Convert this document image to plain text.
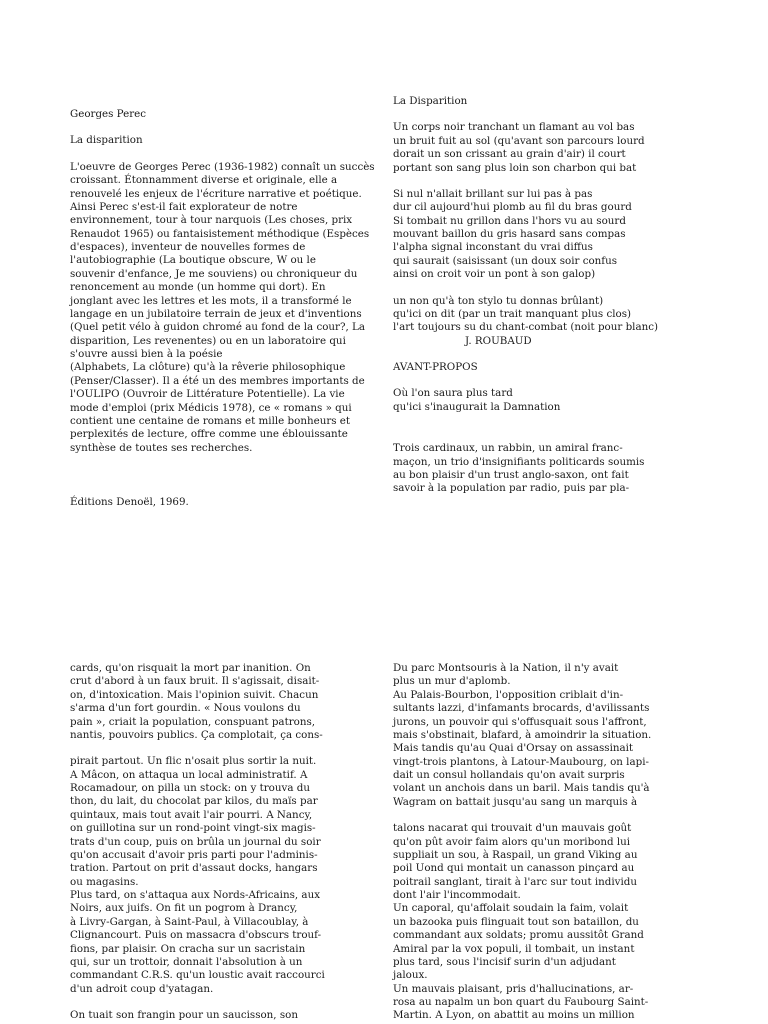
Georges Perec

La disparition

L'oeuvre de Georges Perec (1936-1982) connaît un succès
croissant. Étonnamment diverse et originale, elle a
renouvelé les enjeux de l'écriture narrative et poétique.
Ainsi Perec s'est-il fait explorateur de notre
environnement, tour à tour narquois (Les choses, prix
Renaudot 1965) ou fantaisistement méthodique (Espèces
d'espaces), inventeur de nouvelles formes de
l'autobiographie (La boutique obscure, W ou le
souvenir d'enfance, Je me souviens) ou chroniqueur du
renoncement au monde (un homme qui dort). En
jonglant avec les lettres et les mots, il a transformé le
langage en un jubilatoire terrain de jeux et d'inventions
(Quel petit vélo à guidon chromé au fond de la cour?, La
disparition, Les revenentes) ou en un laboratoire qui
s'ouvre aussi bien à la poésie
(Alphabets, La clôture) qu'à la rêverie philosophique
(Penser/Classer). Il a été un des membres importants de
l'OULIPO (Ouvroir de Littérature Potentielle). La vie
mode d'emploi (prix Médicis 1978), ce « romans » qui
contient une centaine de romans et mille bonheurs et
perplexités de lecture, offre comme une éblouissante
synthèse de toutes ses recherches.

Éditions Denoël, 1969.

La Disparition

Un corps noir tranchant un flamant au vol bas
un bruit fuit au sol (qu'avant son parcours lourd
dorait un son crissant au grain d'air) il court
portant son sang plus loin son charbon qui bat

Si nul n'allait brillant sur lui pas à pas
dur cil aujourd'hui plomb au fil du bras gourd
Si tombait nu grillon dans l'hors vu au sourd
mouvant baillon du gris hasard sans compas
l'alpha signal inconstant du vrai diffus
qui saurait (saisissant (un doux soir confus
ainsi on croit voir un pont à son galop)

un non qu'à ton stylo tu donnas brûlant)
qu'ici on dit (par un trait manquant plus clos)
l'art toujours su du chant-combat (noit pour blanc)

J. ROUBAUD

AVANT-PROPOS

Où l'on saura plus tard
qu'ici s'inaugurait la Damnation

Trois cardinaux, un rabbin, un amiral franc-
maçon, un trio d'insignifiants politicards soumis
au bon plaisir d'un trust anglo-saxon, ont fait
savoir à la population par radio, puis par pla-

cards, qu'on risquait la mort par inanition. On
crut d'abord à un faux bruit. Il s'agissait, disait-
on, d'intoxication. Mais l'opinion suivit. Chacun
s'arma d'un fort gourdin. « Nous voulons du
pain », criait la population, conspuant patrons,
nantis, pouvoirs publics. Ça complotait, ça cons-

pirait partout. Un flic n'osait plus sortir la nuit.
A Mâcon, on attaqua un local administratif. A
Rocamadour, on pilla un stock: on y trouva du
thon, du lait, du chocolat par kilos, du maïs par
quintaux, mais tout avait l'air pourri. A Nancy,
on guillotina sur un rond-point vingt-six magis-
trats d'un coup, puis on brûla un journal du soir
qu'on accusait d'avoir pris parti pour l'adminis-
tration. Partout on prit d'assaut docks, hangars
ou magasins.
Plus tard, on s'attaqua aux Nords-Africains, aux
Noirs, aux juifs. On fit un pogrom à Drancy,
à Livry-Gargan, à Saint-Paul, à Villacoublay, à
Clignancourt. Puis on massacra d'obscurs trouf-
fions, par plaisir. On cracha sur un sacristain
qui, sur un trottoir, donnait l'absolution à un
commandant C.R.S. qu'un loustic avait raccourci
d'un adroit coup d'yatagan.

On tuait son frangin pour un saucisson, son

Du parc Montsouris à la Nation, il n'y avait
plus un mur d'aplomb.
Au Palais-Bourbon, l'opposition criblait d'in-
sultants lazzi, d'infamants brocards, d'avilissants
jurons, un pouvoir qui s'offusquait sous l'affront,
mais s'obstinait, blafard, à amoindrir la situation.
Mais tandis qu'au Quai d'Orsay on assassinait
vingt-trois plantons, à Latour-Maubourg, on lapi-
dait un consul hollandais qu'on avait surpris
volant un anchois dans un baril. Mais tandis qu'à
Wagram on battait jusqu'au sang un marquis à

talons nacarat qui trouvait d'un mauvais goût
qu'on pût avoir faim alors qu'un moribond lui
suppliait un sou, à Raspail, un grand Viking au
poil Uond qui montait un canasson pinçard au
poitrail sanglant, tirait à l'arc sur tout individu
dont l'air l'incommodait.
Un caporal, qu'affolait soudain la faim, volait
un bazooka puis flinguait tout son bataillon, du
commandant aux soldats; promu aussitôt Grand
Amiral par la vox populi, il tombait, un instant
plus tard, sous l'incisif surin d'un adjudant
jaloux.
Un mauvais plaisant, pris d'hallucinations, ar-
rosa au napalm un bon quart du Faubourg Saint-
Martin. A Lyon, on abattit au moins un million
